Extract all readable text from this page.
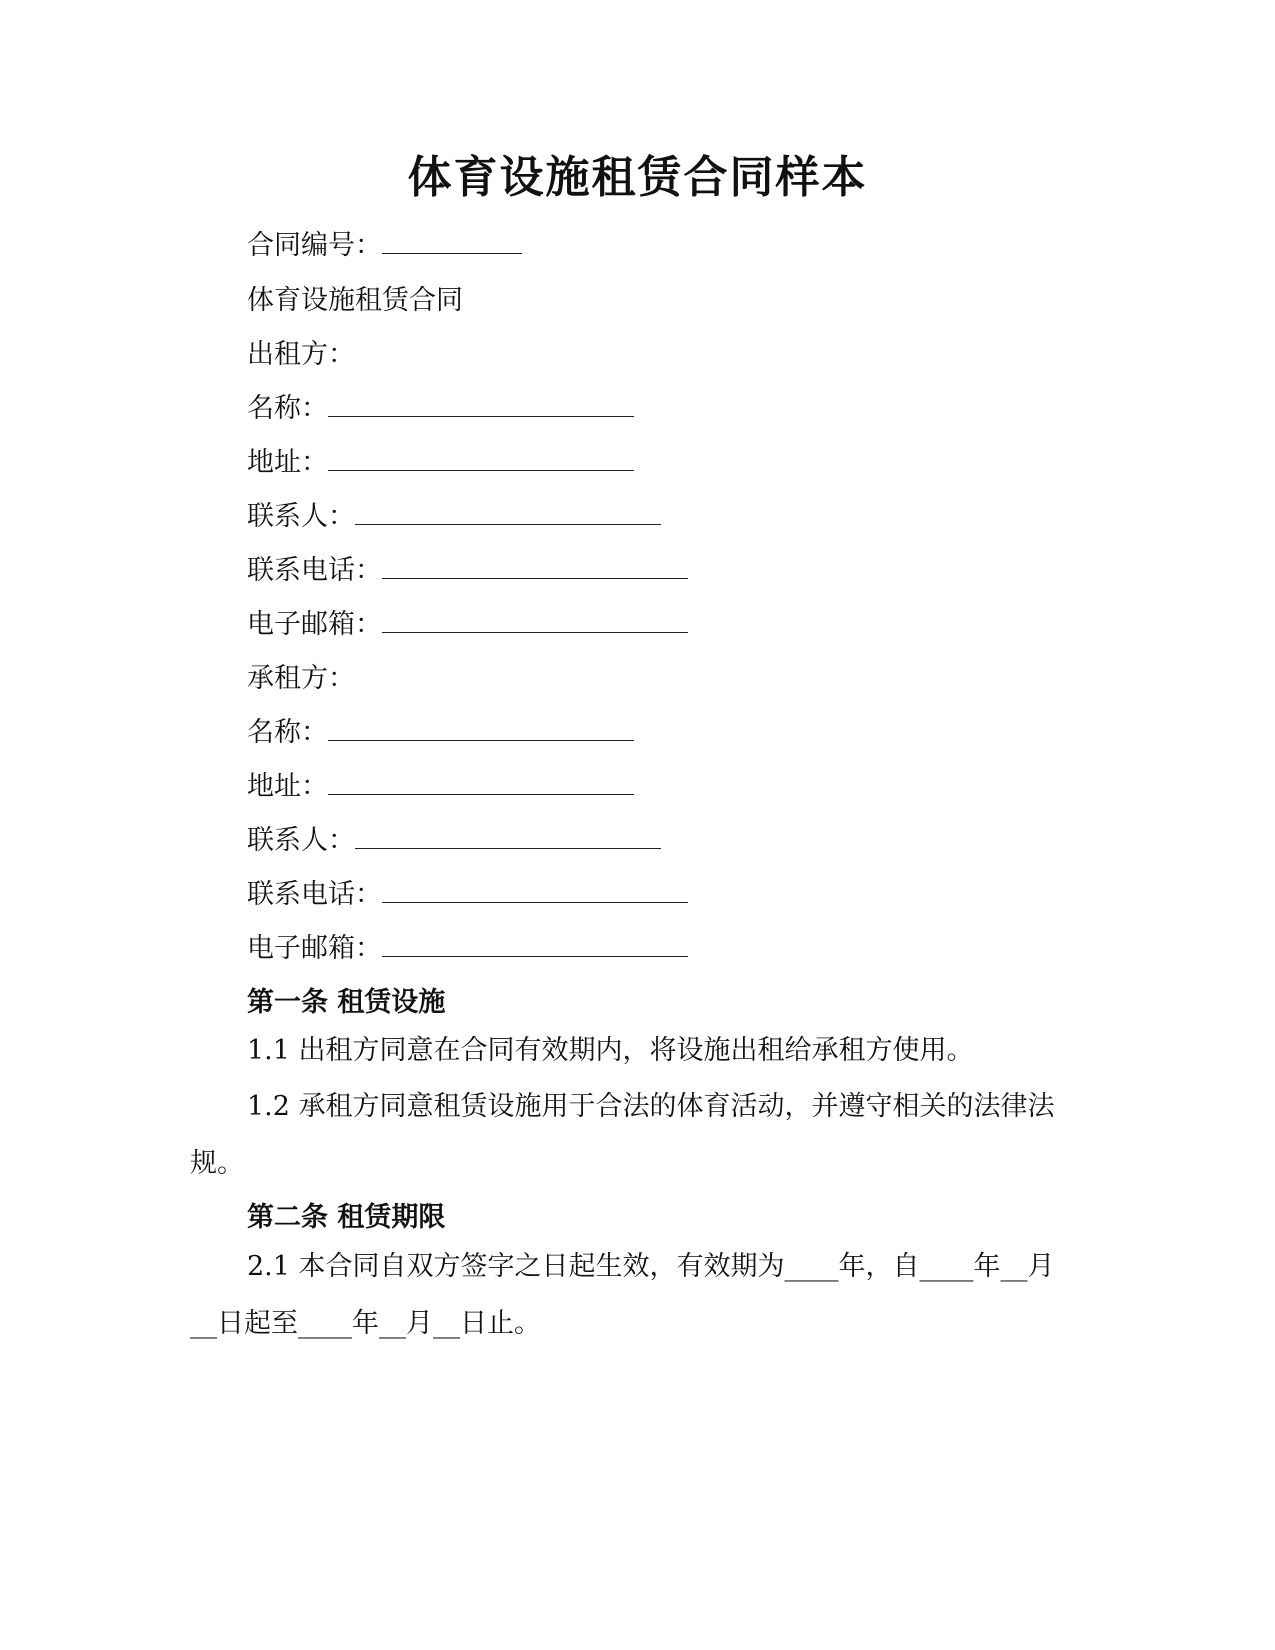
体育设施租赁合同样本
合同编号：
体育设施租赁合同
出租方：
名称：
地址：
联系人：
联系电话：
电子邮箱：
承租方：
名称：
地址：
联系人：
联系电话：
电子邮箱：
第一条 租赁设施

1.1 出租方同意在合同有效期内，将设施出租给承租方使用。

1.2 承租方同意租赁设施用于合法的体育活动，并遵守相关的法律法规。

第二条 租赁期限

2.1 本合同自双方签字之日起生效，有效期为____年，自____年__月__日起至____年__月__日止。
